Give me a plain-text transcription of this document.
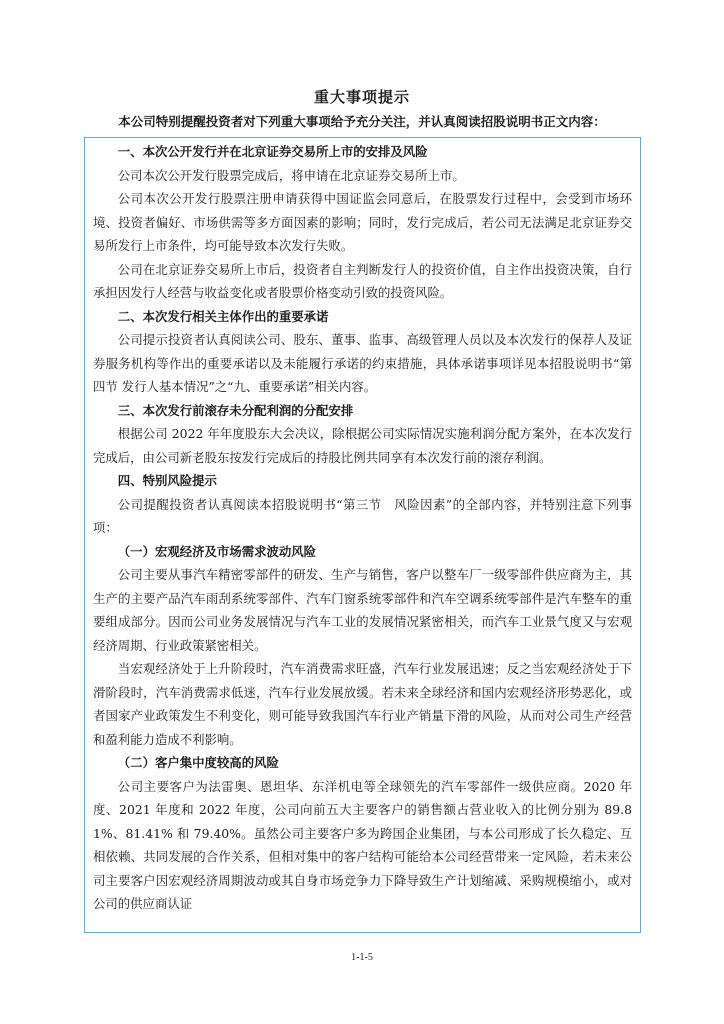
重大事项提示
本公司特别提醒投资者对下列重大事项给予充分关注，并认真阅读招股说明书正文内容：

一、本次公开发行并在北京证券交易所上市的安排及风险

公司本次公开发行股票完成后，将申请在北京证券交易所上市。

公司本次公开发行股票注册申请获得中国证监会同意后，在股票发行过程中，会受到市场环境、投资者偏好、市场供需等多方面因素的影响；同时，发行完成后，若公司无法满足北京证券交易所发行上市条件，均可能导致本次发行失败。

公司在北京证券交易所上市后，投资者自主判断发行人的投资价值，自主作出投资决策，自行承担因发行人经营与收益变化或者股票价格变动引致的投资风险。

二、本次发行相关主体作出的重要承诺

公司提示投资者认真阅读公司、股东、董事、监事、高级管理人员以及本次发行的保荐人及证券服务机构等作出的重要承诺以及未能履行承诺的约束措施，具体承诺事项详见本招股说明书“第四节 发行人基本情况”之“九、重要承诺”相关内容。

三、本次发行前滚存未分配利润的分配安排

根据公司 2022 年年度股东大会决议，除根据公司实际情况实施利润分配方案外，在本次发行完成后，由公司新老股东按发行完成后的持股比例共同享有本次发行前的滚存利润。

四、特别风险提示

公司提醒投资者认真阅读本招股说明书“第三节　风险因素”的全部内容，并特别注意下列事项：

（一）宏观经济及市场需求波动风险

公司主要从事汽车精密零部件的研发、生产与销售，客户以整车厂一级零部件供应商为主，其生产的主要产品汽车雨刮系统零部件、汽车门窗系统零部件和汽车空调系统零部件是汽车整车的重要组成部分。因而公司业务发展情况与汽车工业的发展情况紧密相关，而汽车工业景气度又与宏观经济周期、行业政策紧密相关。

当宏观经济处于上升阶段时，汽车消费需求旺盛，汽车行业发展迅速；反之当宏观经济处于下滑阶段时，汽车消费需求低迷，汽车行业发展放缓。若未来全球经济和国内宏观经济形势恶化，或者国家产业政策发生不利变化，则可能导致我国汽车行业产销量下滑的风险，从而对公司生产经营和盈利能力造成不利影响。

（二）客户集中度较高的风险

公司主要客户为法雷奥、恩坦华、东洋机电等全球领先的汽车零部件一级供应商。2020 年度、2021 年度和 2022 年度，公司向前五大主要客户的销售额占营业收入的比例分别为 89.81%、81.41% 和 79.40%。虽然公司主要客户多为跨国企业集团，与本公司形成了长久稳定、互相依赖、共同发展的合作关系，但相对集中的客户结构可能给本公司经营带来一定风险，若未来公司主要客户因宏观经济周期波动或其自身市场竞争力下降导致生产计划缩减、采购规模缩小，或对公司的供应商认证

1-1-5
